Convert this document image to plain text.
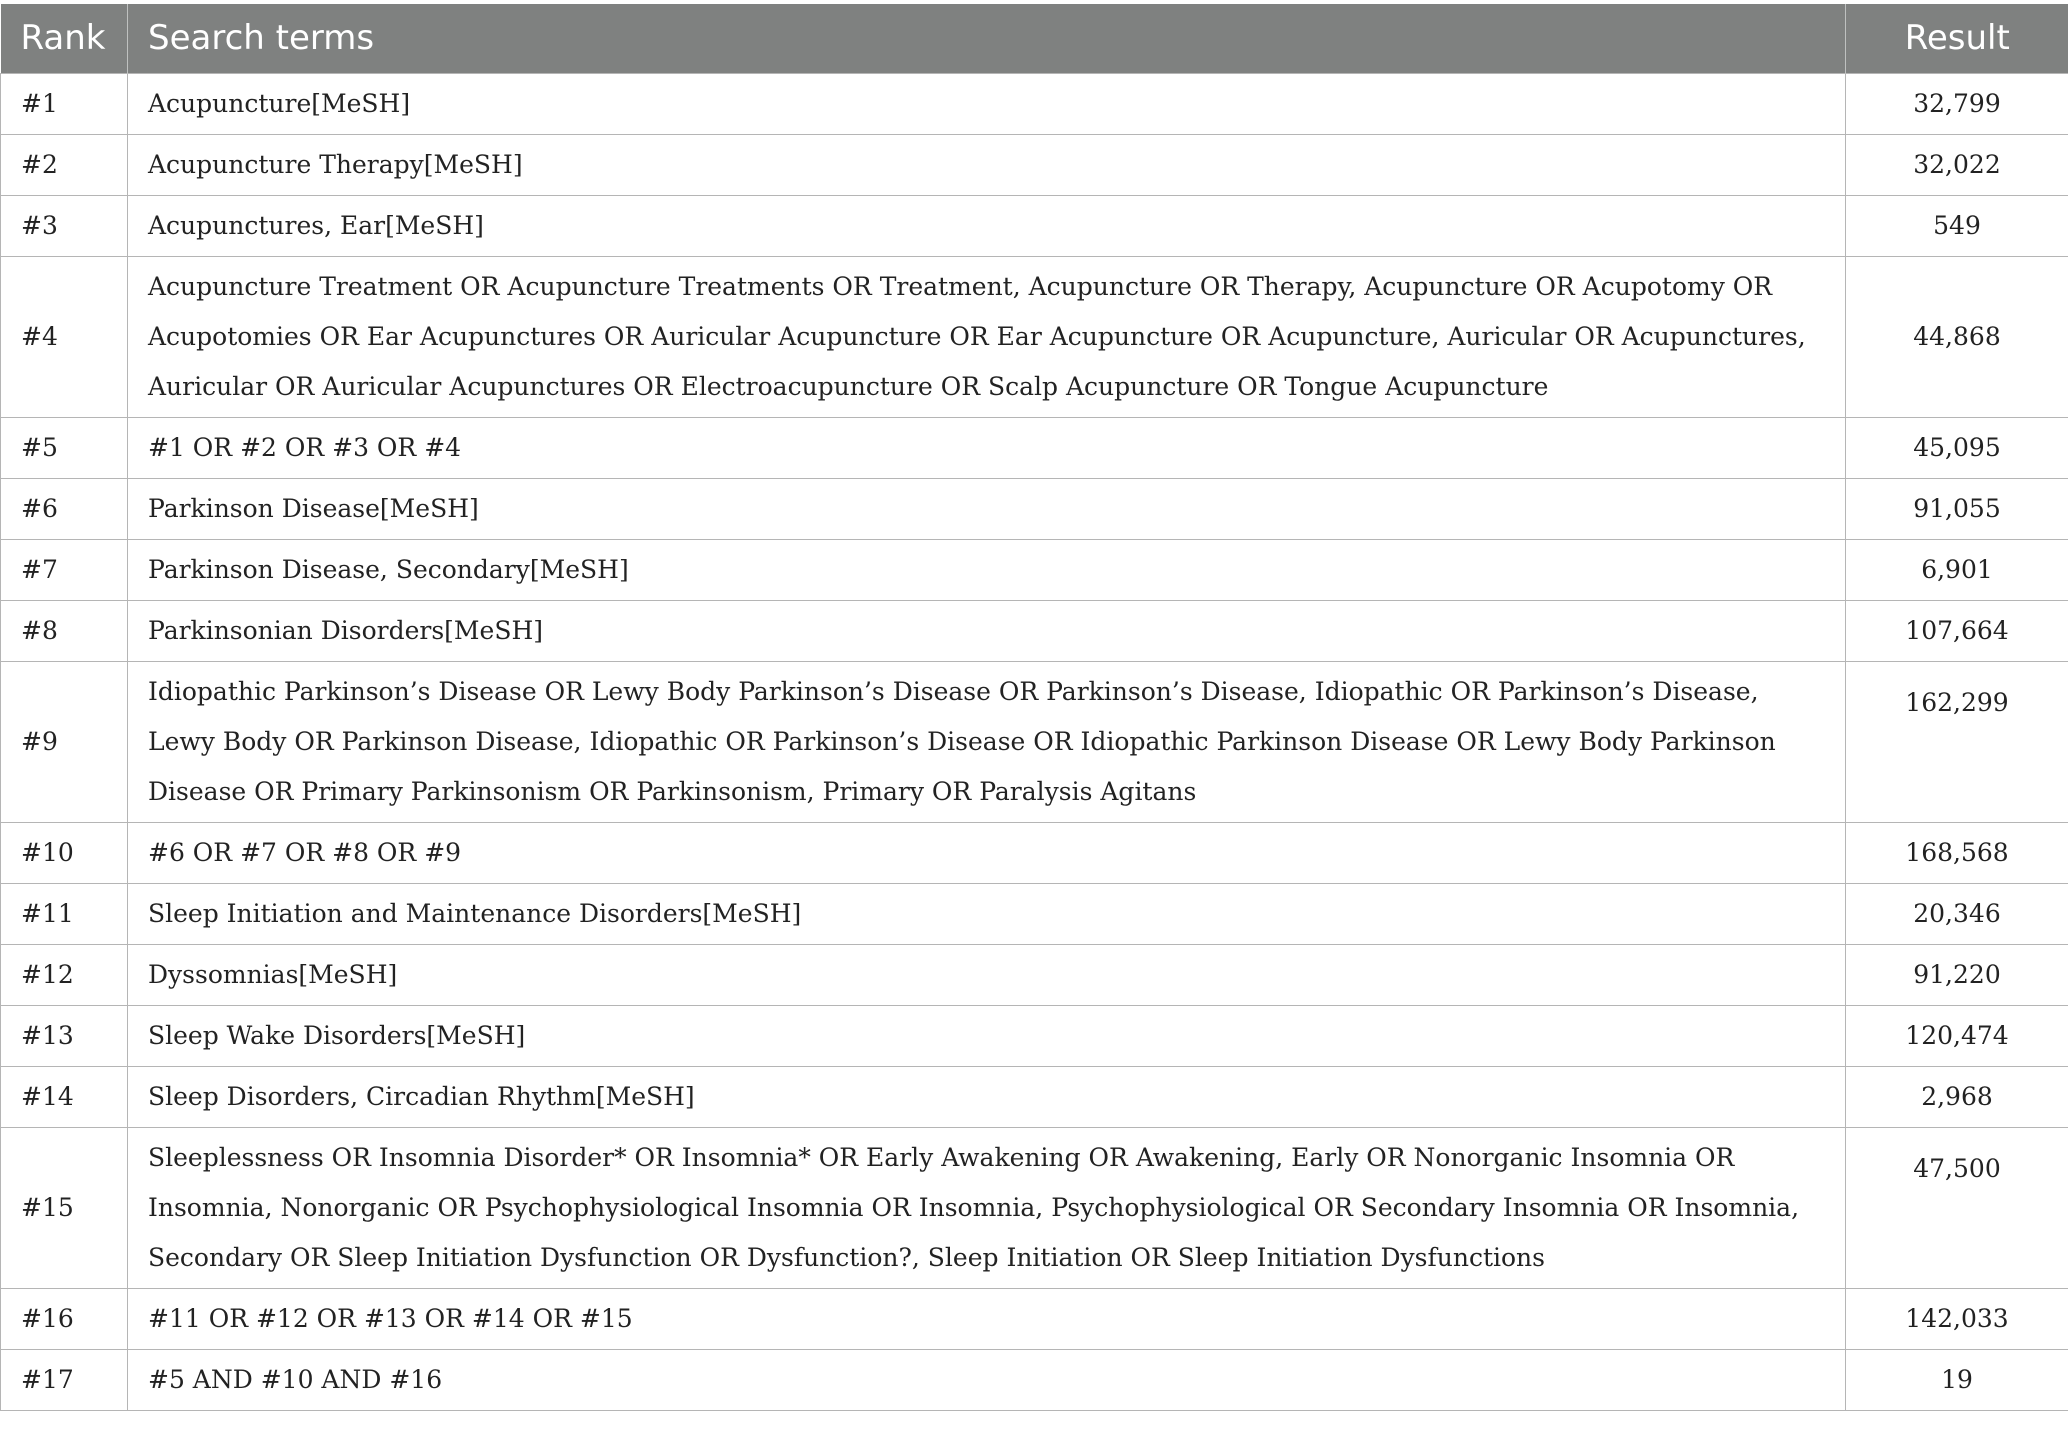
Rank	Search terms	Result
#1	Acupuncture[MeSH]	32,799
#2	Acupuncture Therapy[MeSH]	32,022
#3	Acupunctures, Ear[MeSH]	549
#4	Acupuncture Treatment OR Acupuncture Treatments OR Treatment, Acupuncture OR Therapy, Acupuncture OR Acupotomy OR Acupotomies OR Ear Acupunctures OR Auricular Acupuncture OR Ear Acupuncture OR Acupuncture, Auricular OR Acupunctures, Auricular OR Auricular Acupunctures OR Electroacupuncture OR Scalp Acupuncture OR Tongue Acupuncture	44,868
#5	#1 OR #2 OR #3 OR #4	45,095
#6	Parkinson Disease[MeSH]	91,055
#7	Parkinson Disease, Secondary[MeSH]	6,901
#8	Parkinsonian Disorders[MeSH]	107,664
#9	Idiopathic Parkinson’s Disease OR Lewy Body Parkinson’s Disease OR Parkinson’s Disease, Idiopathic OR Parkinson’s Disease, Lewy Body OR Parkinson Disease, Idiopathic OR Parkinson’s Disease OR Idiopathic Parkinson Disease OR Lewy Body Parkinson Disease OR Primary Parkinsonism OR Parkinsonism, Primary OR Paralysis Agitans	162,299
#10	#6 OR #7 OR #8 OR #9	168,568
#11	Sleep Initiation and Maintenance Disorders[MeSH]	20,346
#12	Dyssomnias[MeSH]	91,220
#13	Sleep Wake Disorders[MeSH]	120,474
#14	Sleep Disorders, Circadian Rhythm[MeSH]	2,968
#15	Sleeplessness OR Insomnia Disorder* OR Insomnia* OR Early Awakening OR Awakening, Early OR Nonorganic Insomnia OR Insomnia, Nonorganic OR Psychophysiological Insomnia OR Insomnia, Psychophysiological OR Secondary Insomnia OR Insomnia, Secondary OR Sleep Initiation Dysfunction OR Dysfunction?, Sleep Initiation OR Sleep Initiation Dysfunctions	47,500
#16	#11 OR #12 OR #13 OR #14 OR #15	142,033
#17	#5 AND #10 AND #16	19
